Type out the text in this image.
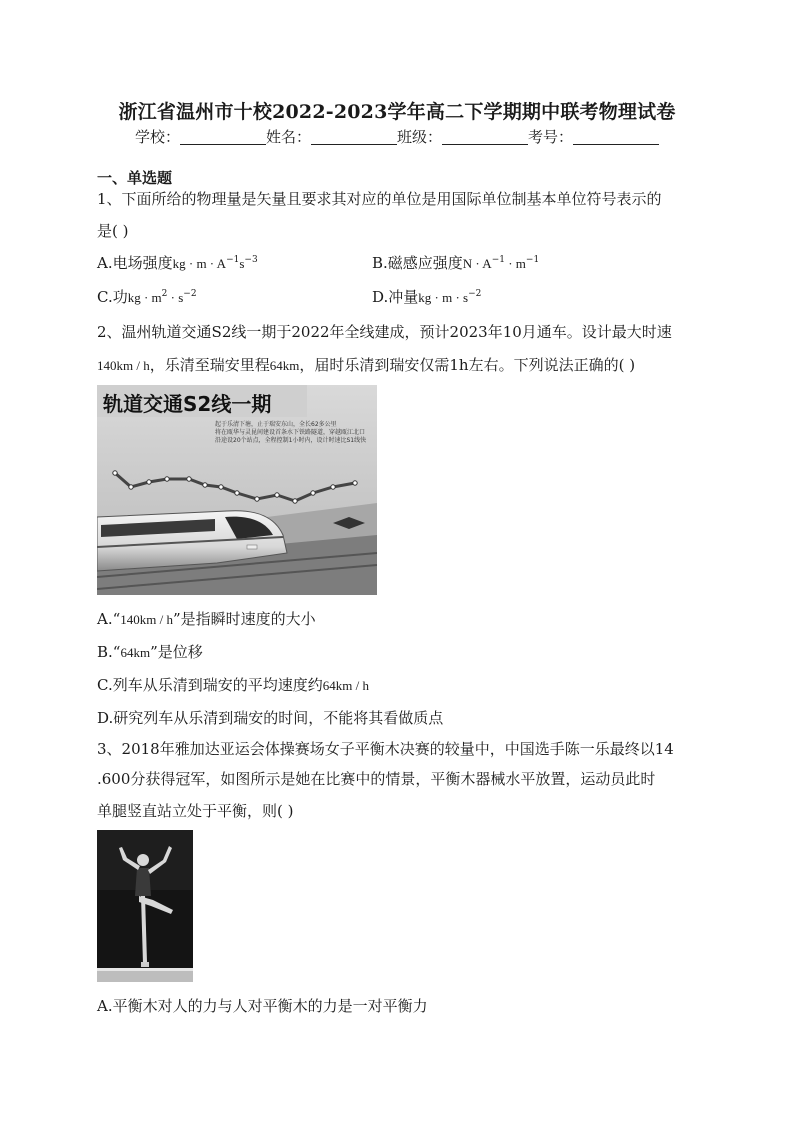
浙江省温州市十校2022-2023学年高二下学期期中联考物理试卷
学校：	姓名：	班级：	考号：
一、单选题
1、下面所给的物理量是矢量且要求其对应的单位是用国际单位制基本单位符号表示的
是( )
A.电场强度kg · $m \cdot A^{-1}s^{-3}$	B.磁感应强度$N \cdot A^{-1} \cdot m^{-1}$
C.功kg · $m^2 \cdot s^{-2}$	D.冲量kg · $m \cdot s^{-2}$
2、温州轨道交通S2线一期于2022年全线建成，预计2023年10月通车。设计最大时速
140km / h，乐清至瑞安里程64km，届时乐清到瑞安仅需1h左右。下列说法正确的( )
轨道交通S2线一期
起于乐清下塘，止于瑞安东山，全长62多公里
将在瓯华与灵昆间建设首条水下铁路隧道，穿越瓯江北口
沿途设20个站点，全程控制1小时内，设计时速比S1线快
A.“140km / h”是指瞬时速度的大小
B.“64km”是位移
C.列车从乐清到瑞安的平均速度约64km / h
D.研究列车从乐清到瑞安的时间，不能将其看做质点
3、2018年雅加达亚运会体操赛场女子平衡木决赛的较量中，中国选手陈一乐最终以14
.600分获得冠军，如图所示是她在比赛中的情景，平衡木器械水平放置，运动员此时
单腿竖直站立处于平衡，则( )
A.平衡木对人的力与人对平衡木的力是一对平衡力
